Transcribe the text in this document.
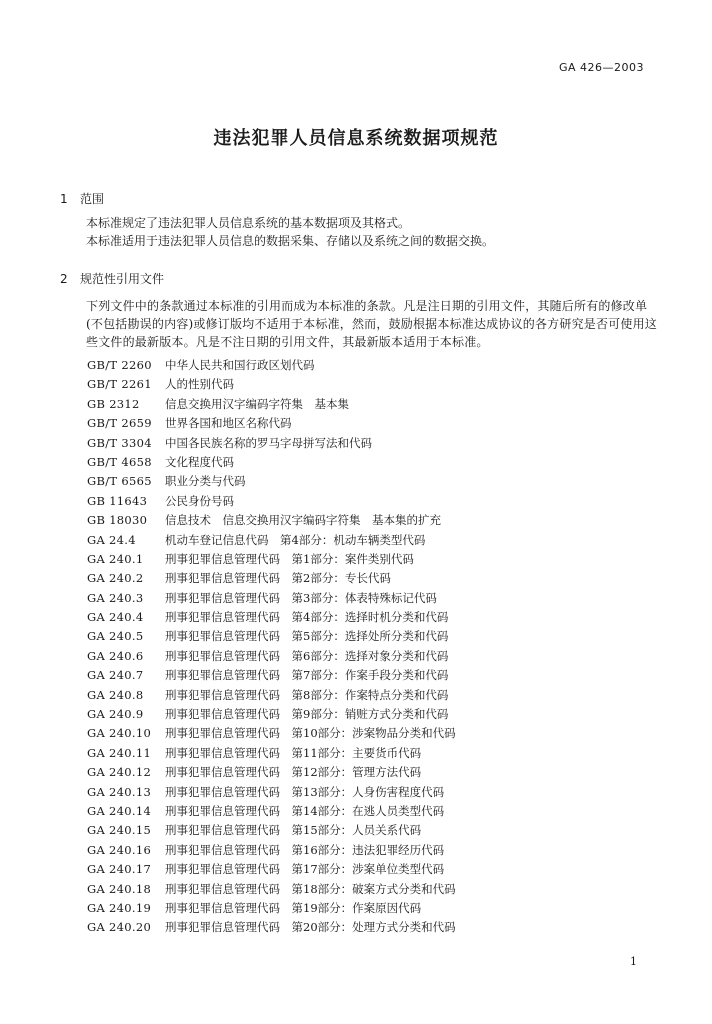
GA 426—2003
违法犯罪人员信息系统数据项规范
1 范围
本标准规定了违法犯罪人员信息系统的基本数据项及其格式。
本标准适用于违法犯罪人员信息的数据采集、存储以及系统之间的数据交换。
2 规范性引用文件
下列文件中的条款通过本标准的引用而成为本标准的条款。凡是注日期的引用文件，其随后所有的修改单(不包括勘误的内容)或修订版均不适用于本标准，然而，鼓励根据本标准达成协议的各方研究是否可使用这些文件的最新版本。凡是不注日期的引用文件，其最新版本适用于本标准。
GB/T 2260 中华人民共和国行政区划代码
GB/T 2261 人的性别代码
GB 2312 信息交换用汉字编码字符集　基本集
GB/T 2659 世界各国和地区名称代码
GB/T 3304 中国各民族名称的罗马字母拼写法和代码
GB/T 4658 文化程度代码
GB/T 6565 职业分类与代码
GB 11643 公民身份号码
GB 18030 信息技术　信息交换用汉字编码字符集　基本集的扩充
GA 24.4	机动车登记信息代码　第4部分：机动车辆类型代码
GA 240.1 刑事犯罪信息管理代码　第1部分：案件类别代码
GA 240.2 刑事犯罪信息管理代码　第2部分：专长代码
GA 240.3 刑事犯罪信息管理代码　第3部分：体表特殊标记代码
GA 240.4 刑事犯罪信息管理代码　第4部分：选择时机分类和代码
GA 240.5 刑事犯罪信息管理代码　第5部分：选择处所分类和代码
GA 240.6 刑事犯罪信息管理代码　第6部分：选择对象分类和代码
GA 240.7 刑事犯罪信息管理代码　第7部分：作案手段分类和代码
GA 240.8 刑事犯罪信息管理代码　第8部分：作案特点分类和代码
GA 240.9 刑事犯罪信息管理代码　第9部分：销赃方式分类和代码
GA 240.10 刑事犯罪信息管理代码　第10部分：涉案物品分类和代码
GA 240.11 刑事犯罪信息管理代码　第11部分：主要货币代码
GA 240.12 刑事犯罪信息管理代码　第12部分：管理方法代码
GA 240.13 刑事犯罪信息管理代码　第13部分：人身伤害程度代码
GA 240.14 刑事犯罪信息管理代码　第14部分：在逃人员类型代码
GA 240.15 刑事犯罪信息管理代码　第15部分：人员关系代码
GA 240.16 刑事犯罪信息管理代码　第16部分：违法犯罪经历代码
GA 240.17 刑事犯罪信息管理代码　第17部分：涉案单位类型代码
GA 240.18 刑事犯罪信息管理代码　第18部分：破案方式分类和代码
GA 240.19 刑事犯罪信息管理代码　第19部分：作案原因代码
GA 240.20 刑事犯罪信息管理代码　第20部分：处理方式分类和代码
1
